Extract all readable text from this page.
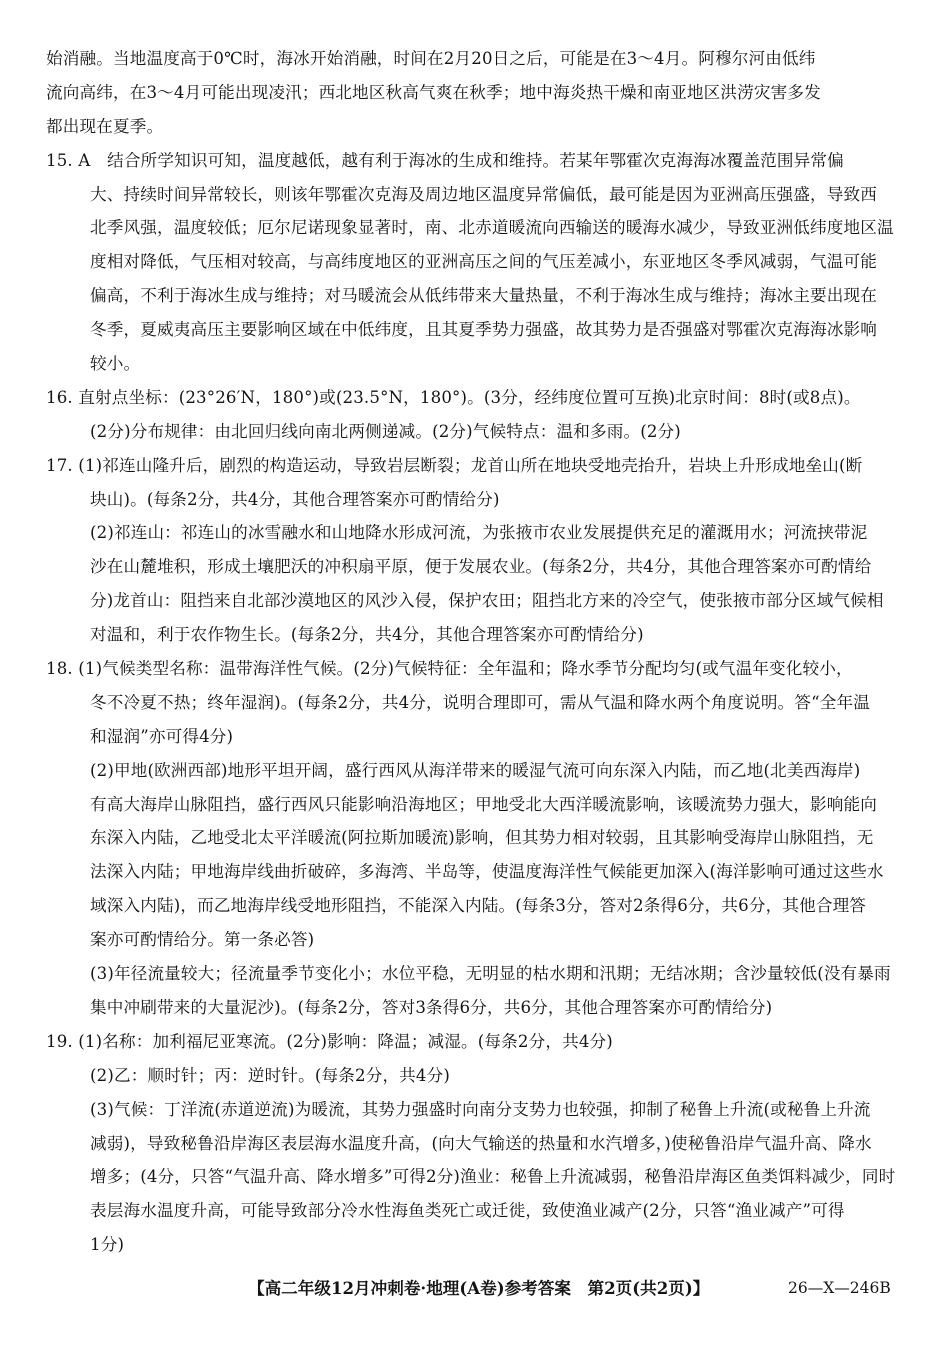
始消融。当地温度高于0℃时，海冰开始消融，时间在2月20日之后，可能是在3～4月。阿穆尔河由低纬
流向高纬，在3～4月可能出现凌汛；西北地区秋高气爽在秋季；地中海炎热干燥和南亚地区洪涝灾害多发
都出现在夏季。
15. A　结合所学知识可知，温度越低，越有利于海冰的生成和维持。若某年鄂霍次克海海冰覆盖范围异常偏
大、持续时间异常较长，则该年鄂霍次克海及周边地区温度异常偏低，最可能是因为亚洲高压强盛，导致西
北季风强，温度较低；厄尔尼诺现象显著时，南、北赤道暖流向西输送的暖海水减少，导致亚洲低纬度地区温
度相对降低，气压相对较高，与高纬度地区的亚洲高压之间的气压差减小，东亚地区冬季风减弱，气温可能
偏高，不利于海冰生成与维持；对马暖流会从低纬带来大量热量，不利于海冰生成与维持；海冰主要出现在
冬季，夏威夷高压主要影响区域在中低纬度，且其夏季势力强盛，故其势力是否强盛对鄂霍次克海海冰影响
较小。
16. 直射点坐标：(23°26′N，180°)或(23.5°N，180°)。(3分，经纬度位置可互换)北京时间：8时(或8点)。
(2分)分布规律：由北回归线向南北两侧递减。(2分)气候特点：温和多雨。(2分)
17. (1)祁连山隆升后，剧烈的构造运动，导致岩层断裂；龙首山所在地块受地壳抬升，岩块上升形成地垒山(断
块山)。(每条2分，共4分，其他合理答案亦可酌情给分)
(2)祁连山：祁连山的冰雪融水和山地降水形成河流，为张掖市农业发展提供充足的灌溉用水；河流挟带泥
沙在山麓堆积，形成土壤肥沃的冲积扇平原，便于发展农业。(每条2分，共4分，其他合理答案亦可酌情给
分)龙首山：阻挡来自北部沙漠地区的风沙入侵，保护农田；阻挡北方来的冷空气，使张掖市部分区域气候相
对温和，利于农作物生长。(每条2分，共4分，其他合理答案亦可酌情给分)
18. (1)气候类型名称：温带海洋性气候。(2分)气候特征：全年温和；降水季节分配均匀(或气温年变化较小，
冬不冷夏不热；终年湿润)。(每条2分，共4分，说明合理即可，需从气温和降水两个角度说明。答“全年温
和湿润”亦可得4分)
(2)甲地(欧洲西部)地形平坦开阔，盛行西风从海洋带来的暖湿气流可向东深入内陆，而乙地(北美西海岸)
有高大海岸山脉阻挡，盛行西风只能影响沿海地区；甲地受北大西洋暖流影响，该暖流势力强大，影响能向
东深入内陆，乙地受北太平洋暖流(阿拉斯加暖流)影响，但其势力相对较弱，且其影响受海岸山脉阻挡，无
法深入内陆；甲地海岸线曲折破碎，多海湾、半岛等，使温度海洋性气候能更加深入(海洋影响可通过这些水
域深入内陆)，而乙地海岸线受地形阻挡，不能深入内陆。(每条3分，答对2条得6分，共6分，其他合理答
案亦可酌情给分。第一条必答)
(3)年径流量较大；径流量季节变化小；水位平稳，无明显的枯水期和汛期；无结冰期；含沙量较低(没有暴雨
集中冲刷带来的大量泥沙)。(每条2分，答对3条得6分，共6分，其他合理答案亦可酌情给分)
19. (1)名称：加利福尼亚寒流。(2分)影响：降温；减湿。(每条2分，共4分)
(2)乙：顺时针；丙：逆时针。(每条2分，共4分)
(3)气候：丁洋流(赤道逆流)为暖流，其势力强盛时向南分支势力也较强，抑制了秘鲁上升流(或秘鲁上升流
减弱)，导致秘鲁沿岸海区表层海水温度升高，(向大气输送的热量和水汽增多，)使秘鲁沿岸气温升高、降水
增多；(4分，只答“气温升高、降水增多”可得2分)渔业：秘鲁上升流减弱，秘鲁沿岸海区鱼类饵料减少，同时
表层海水温度升高，可能导致部分冷水性海鱼类死亡或迁徙，致使渔业减产(2分，只答“渔业减产”可得
1分)
【高二年级12月冲刺卷·地理(A卷)参考答案　第2页(共2页)】	26—X—246B
